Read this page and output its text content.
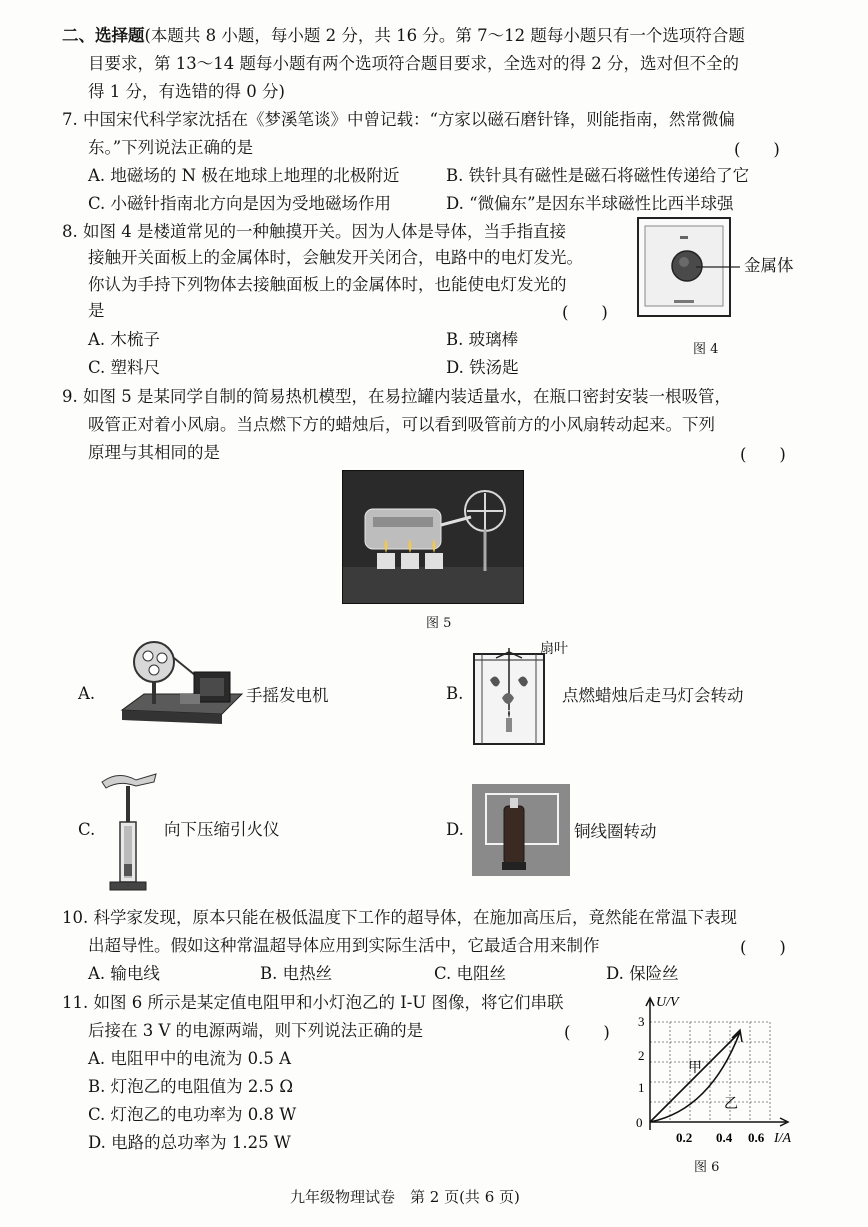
二、选择题(本题共 8 小题，每小题 2 分，共 16 分。第 7～12 题每小题只有一个选项符合题
目要求，第 13～14 题每小题有两个选项符合题目要求，全选对的得 2 分，选对但不全的
得 1 分，有选错的得 0 分)
7. 中国宋代科学家沈括在《梦溪笔谈》中曾记载：“方家以磁石磨针锋，则能指南，然常微偏
东。”下列说法正确的是	(　　)
A. 地磁场的 N 极在地球上地理的北极附近	B. 铁针具有磁性是磁石将磁性传递给了它
C. 小磁针指南北方向是因为受地磁场作用	D. “微偏东”是因东半球磁性比西半球强
8. 如图 4 是楼道常见的一种触摸开关。因为人体是导体，当手指直接
接触开关面板上的金属体时，会触发开关闭合，电路中的电灯发光。
你认为手持下列物体去接触面板上的金属体时，也能使电灯发光的
是	(　　)
A. 木梳子	B. 玻璃棒
C. 塑料尺	D. 铁汤匙
金属体
图 4
9. 如图 5 是某同学自制的简易热机模型，在易拉罐内装适量水，在瓶口密封安装一根吸管，
吸管正对着小风扇。当点燃下方的蜡烛后，可以看到吸管前方的小风扇转动起来。下列
原理与其相同的是	(　　)
图 5
A.	手摇发电机	B.
扇叶
点燃蜡烛后走马灯会转动
C.	向下压缩引火仪	D.	铜线圈转动
10. 科学家发现，原本只能在极低温度下工作的超导体，在施加高压后，竟然能在常温下表现
出超导性。假如这种常温超导体应用到实际生活中，它最适合用来制作	(　　)
A. 输电线	B. 电热丝	C. 电阻丝	D. 保险丝
11. 如图 6 所示是某定值电阻甲和小灯泡乙的 I-U 图像，将它们串联
后接在 3 V 的电源两端，则下列说法正确的是	(　　)
A. 电阻甲中的电流为 0.5 A
B. 灯泡乙的电阻值为 2.5 Ω
C. 灯泡乙的电功率为 0.8 W
D. 电路的总功率为 1.25 W
U/V
I/A
0
1
2
3
0.2 0.4 0.6
甲
乙
图 6
九年级物理试卷　第 2 页(共 6 页)
